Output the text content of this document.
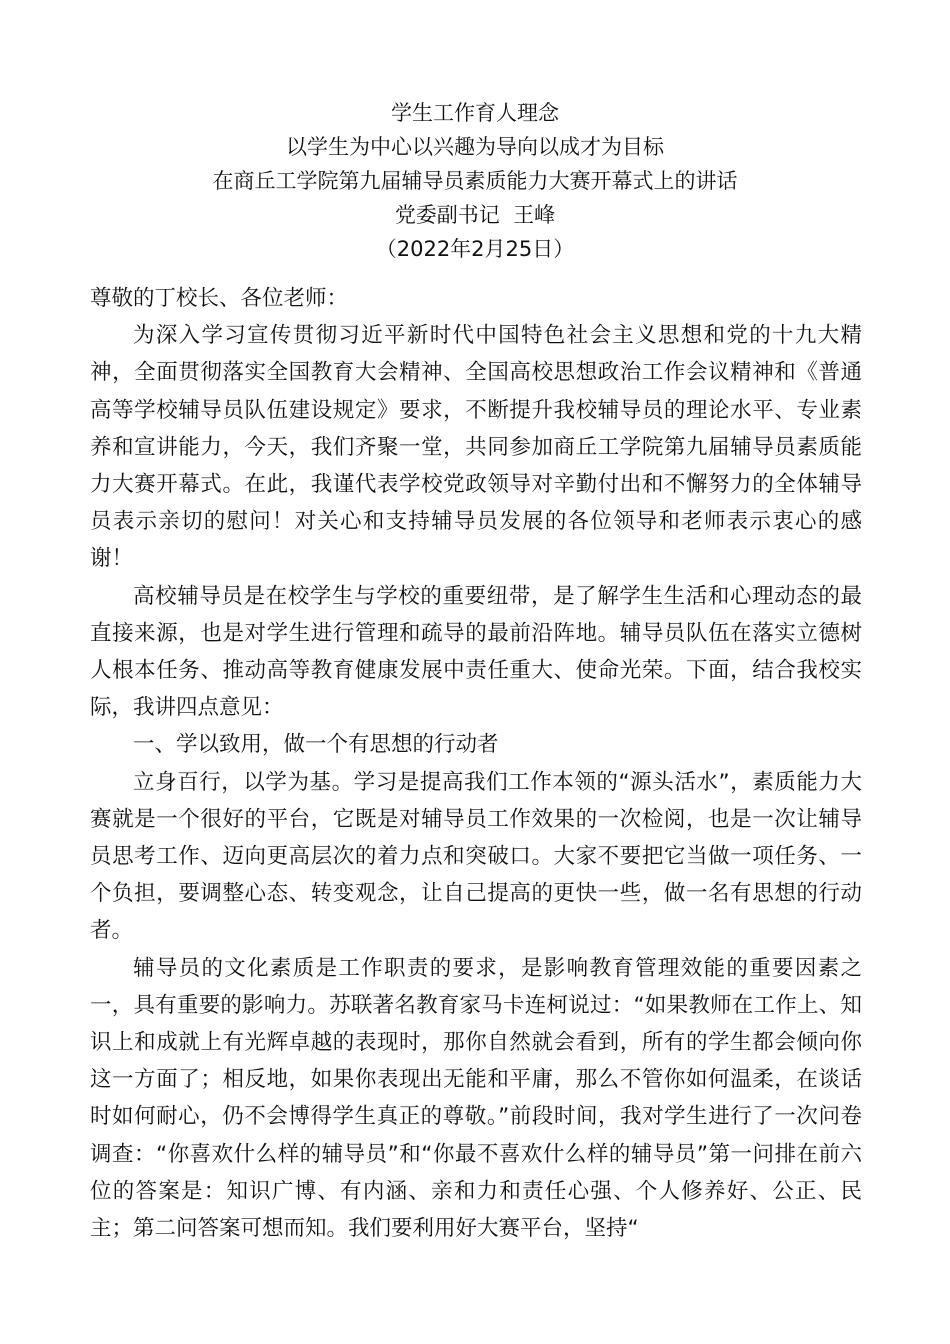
学生工作育人理念
以学生为中心以兴趣为导向以成才为目标
在商丘工学院第九届辅导员素质能力大赛开幕式上的讲话
党委副书记  王峰
（2022年2月25日）

尊敬的丁校长、各位老师：

为深入学习宣传贯彻习近平新时代中国特色社会主义思想和党的十九大精神，全面贯彻落实全国教育大会精神、全国高校思想政治工作会议精神和《普通高等学校辅导员队伍建设规定》要求，不断提升我校辅导员的理论水平、专业素养和宣讲能力，今天，我们齐聚一堂，共同参加商丘工学院第九届辅导员素质能力大赛开幕式。在此，我谨代表学校党政领导对辛勤付出和不懈努力的全体辅导员表示亲切的慰问！对关心和支持辅导员发展的各位领导和老师表示衷心的感谢！

高校辅导员是在校学生与学校的重要纽带，是了解学生生活和心理动态的最直接来源，也是对学生进行管理和疏导的最前沿阵地。辅导员队伍在落实立德树人根本任务、推动高等教育健康发展中责任重大、使命光荣。下面，结合我校实际，我讲四点意见：

一、学以致用，做一个有思想的行动者

立身百行，以学为基。学习是提高我们工作本领的“源头活水”，素质能力大赛就是一个很好的平台，它既是对辅导员工作效果的一次检阅，也是一次让辅导员思考工作、迈向更高层次的着力点和突破口。大家不要把它当做一项任务、一个负担，要调整心态、转变观念，让自己提高的更快一些，做一名有思想的行动者。

辅导员的文化素质是工作职责的要求，是影响教育管理效能的重要因素之一，具有重要的影响力。苏联著名教育家马卡连柯说过：“如果教师在工作上、知识上和成就上有光辉卓越的表现时，那你自然就会看到，所有的学生都会倾向你这一方面了；相反地，如果你表现出无能和平庸，那么不管你如何温柔，在谈话时如何耐心，仍不会博得学生真正的尊敬。”前段时间，我对学生进行了一次问卷调查：“你喜欢什么样的辅导员”和“你最不喜欢什么样的辅导员”第一问排在前六位的答案是：知识广博、有内涵、亲和力和责任心强、个人修养好、公正、民主；第二问答案可想而知。我们要利用好大赛平台，坚持“
